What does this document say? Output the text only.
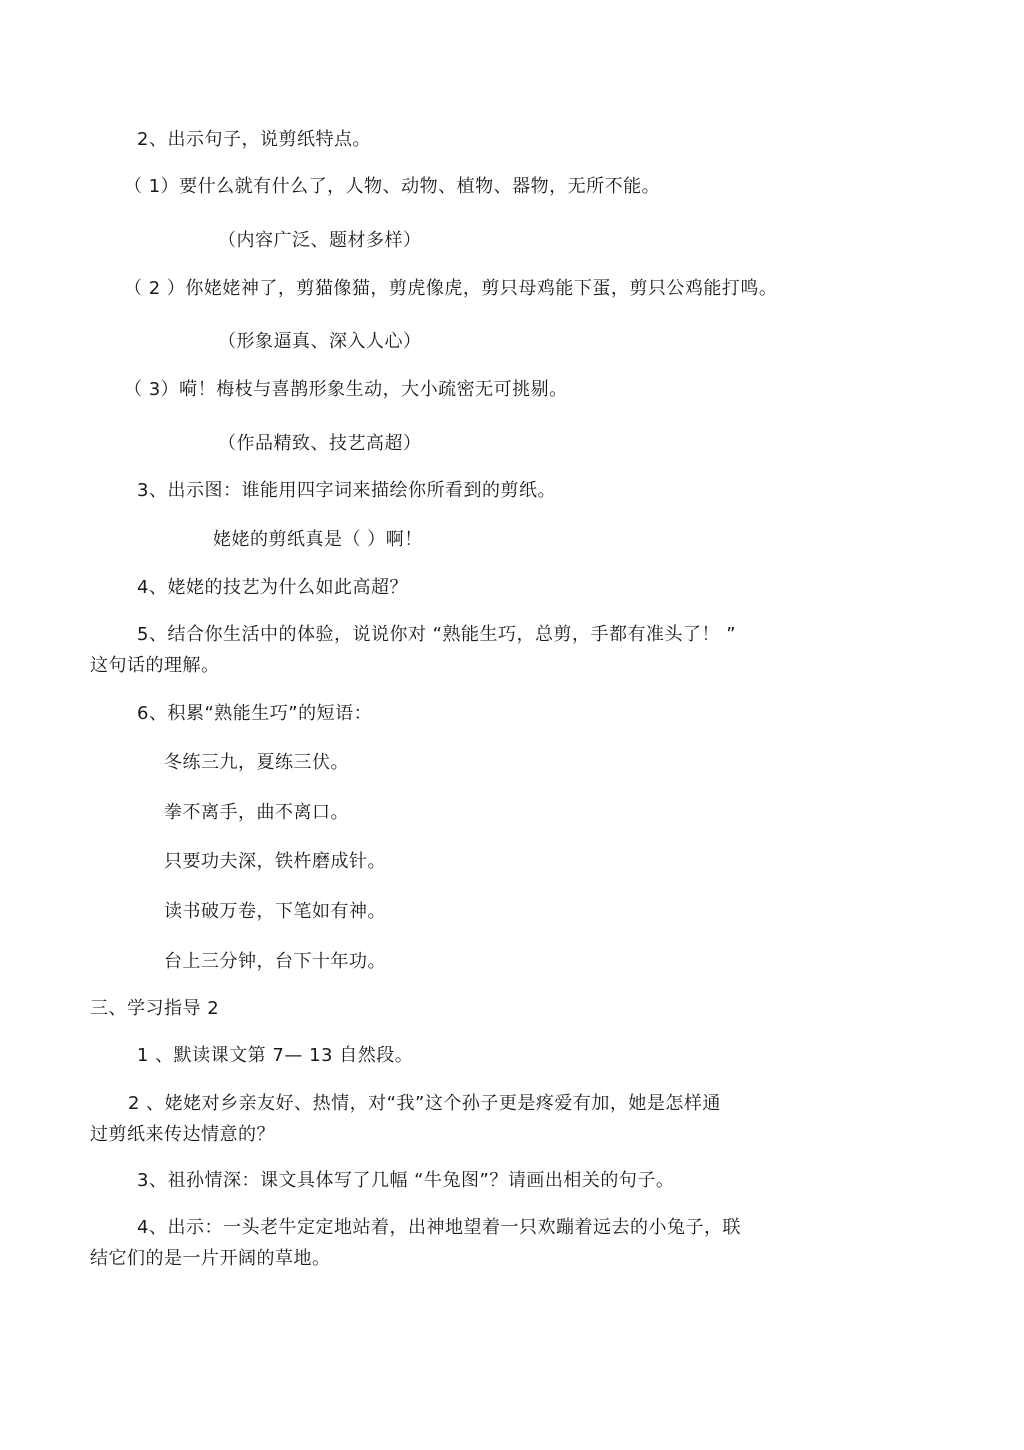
2、出示句子，说剪纸特点。
（ 1）要什么就有什么了，人物、动物、植物、器物，无所不能。
（内容广泛、题材多样）
（ 2 ）你姥姥神了，剪猫像猫，剪虎像虎，剪只母鸡能下蛋，剪只公鸡能打鸣。
（形象逼真、深入人心）
（ 3）嗬！梅枝与喜鹊形象生动，大小疏密无可挑剔。
（作品精致、技艺高超）
3、出示图：谁能用四字词来描绘你所看到的剪纸。
姥姥的剪纸真是（ ）啊！
4、姥姥的技艺为什么如此高超？
5、结合你生活中的体验，说说你对 “熟能生巧，总剪，手都有准头了！ ”
这句话的理解。
6、积累“熟能生巧”的短语：
冬练三九，夏练三伏。
拳不离手，曲不离口。
只要功夫深，铁杵磨成针。
读书破万卷，下笔如有神。
台上三分钟，台下十年功。
三、学习指导 2
1 、默读课文第 7— 13 自然段。
2 、姥姥对乡亲友好、热情，对“我”这个孙子更是疼爱有加，她是怎样通
过剪纸来传达情意的？
3、祖孙情深：课文具体写了几幅 “牛兔图”？请画出相关的句子。
4、出示：一头老牛定定地站着，出神地望着一只欢蹦着远去的小兔子，联
结它们的是一片开阔的草地。
